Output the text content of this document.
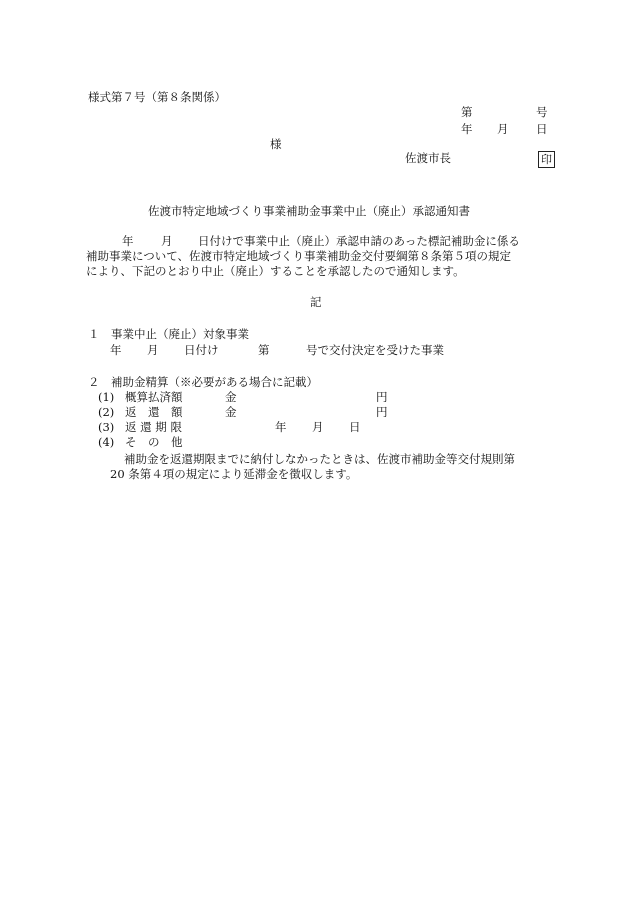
様式第７号（第８条関係）
第	号
年 月 日
様
佐渡市長	印
佐渡市特定地域づくり事業補助金事業中止（廃止）承認通知書
年 月 日付けで事業中止（廃止）承認申請のあった標記補助金に係る
補助事業について、佐渡市特定地域づくり事業補助金交付要綱第８条第５項の規定
により、下記のとおり中止（廃止）することを承認したので通知します。
記
１　事業中止（廃止）対象事業
年 月 日付け	第	号で交付決定を受けた事業
２　補助金精算（※必要がある場合に記載）
(1) 概算払済額	金	円
(2) 返　還　額	金	円
(3) 返 還 期 限	年 月 日
(4) そ　の　他
補助金を返還期限までに納付しなかったときは、佐渡市補助金等交付規則第
20 条第４項の規定により延滞金を徴収します。
